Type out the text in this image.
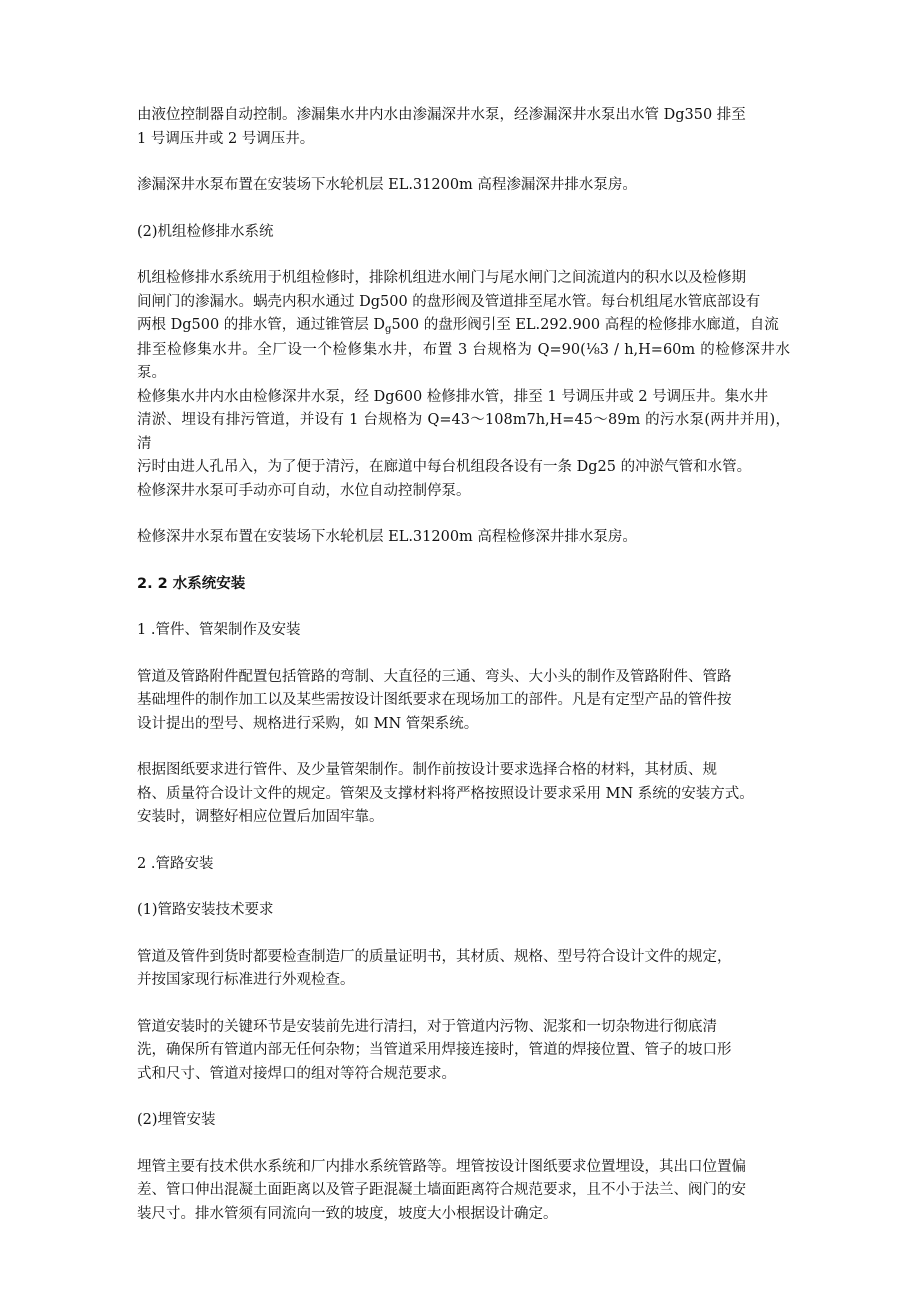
由液位控制器自动控制。渗漏集水井内水由渗漏深井水泵，经渗漏深井水泵出水管 Dg350 排至
1 号调压井或 2 号调压井。

渗漏深井水泵布置在安装场下水轮机层 EL.31200m 高程渗漏深井排水泵房。

(2)机组检修排水系统

机组检修排水系统用于机组检修时，排除机组进水闸门与尾水闸门之间流道内的积水以及检修期
间闸门的渗漏水。蜗壳内积水通过 Dg500 的盘形阀及管道排至尾水管。每台机组尾水管底部设有
两根 Dg500 的排水管，通过锥管层 $D_g500$ 的盘形阀引至 EL.292.900 高程的检修排水廊道，自流
排至检修集水井。全厂设一个检修集水井，布置 3 台规格为 Q=90(⅛3 / h,H=60m 的检修深井水泵。
检修集水井内水由检修深井水泵，经 Dg600 检修排水管，排至 1 号调压井或 2 号调压井。集水井
清淤、埋设有排污管道，并设有 1 台规格为 Q=43～108m7h,H=45～89m 的污水泵(两井并用)，清
污时由进人孔吊入，为了便于清污，在廊道中每台机组段各设有一条 Dg25 的冲淤气管和水管。
检修深井水泵可手动亦可自动，水位自动控制停泵。

检修深井水泵布置在安装场下水轮机层 EL.31200m 高程检修深井排水泵房。

2. 2 水系统安装

1 .管件、管架制作及安装

管道及管路附件配置包括管路的弯制、大直径的三通、弯头、大小头的制作及管路附件、管路
基础埋件的制作加工以及某些需按设计图纸要求在现场加工的部件。凡是有定型产品的管件按
设计提出的型号、规格进行采购，如 MN 管架系统。

根据图纸要求进行管件、及少量管架制作。制作前按设计要求选择合格的材料，其材质、规
格、质量符合设计文件的规定。管架及支撑材料将严格按照设计要求采用 MN 系统的安装方式。
安装时，调整好相应位置后加固牢靠。

2 .管路安装

(1)管路安装技术要求

管道及管件到货时都要检查制造厂的质量证明书，其材质、规格、型号符合设计文件的规定，
并按国家现行标准进行外观检查。

管道安装时的关键环节是安装前先进行清扫，对于管道内污物、泥浆和一切杂物进行彻底清
洗，确保所有管道内部无任何杂物；当管道采用焊接连接时，管道的焊接位置、管子的坡口形
式和尺寸、管道对接焊口的组对等符合规范要求。

(2)埋管安装

埋管主要有技术供水系统和厂内排水系统管路等。埋管按设计图纸要求位置埋设，其出口位置偏
差、管口伸出混凝土面距离以及管子距混凝土墙面距离符合规范要求，且不小于法兰、阀门的安
装尺寸。排水管须有同流向一致的坡度，坡度大小根据设计确定。
